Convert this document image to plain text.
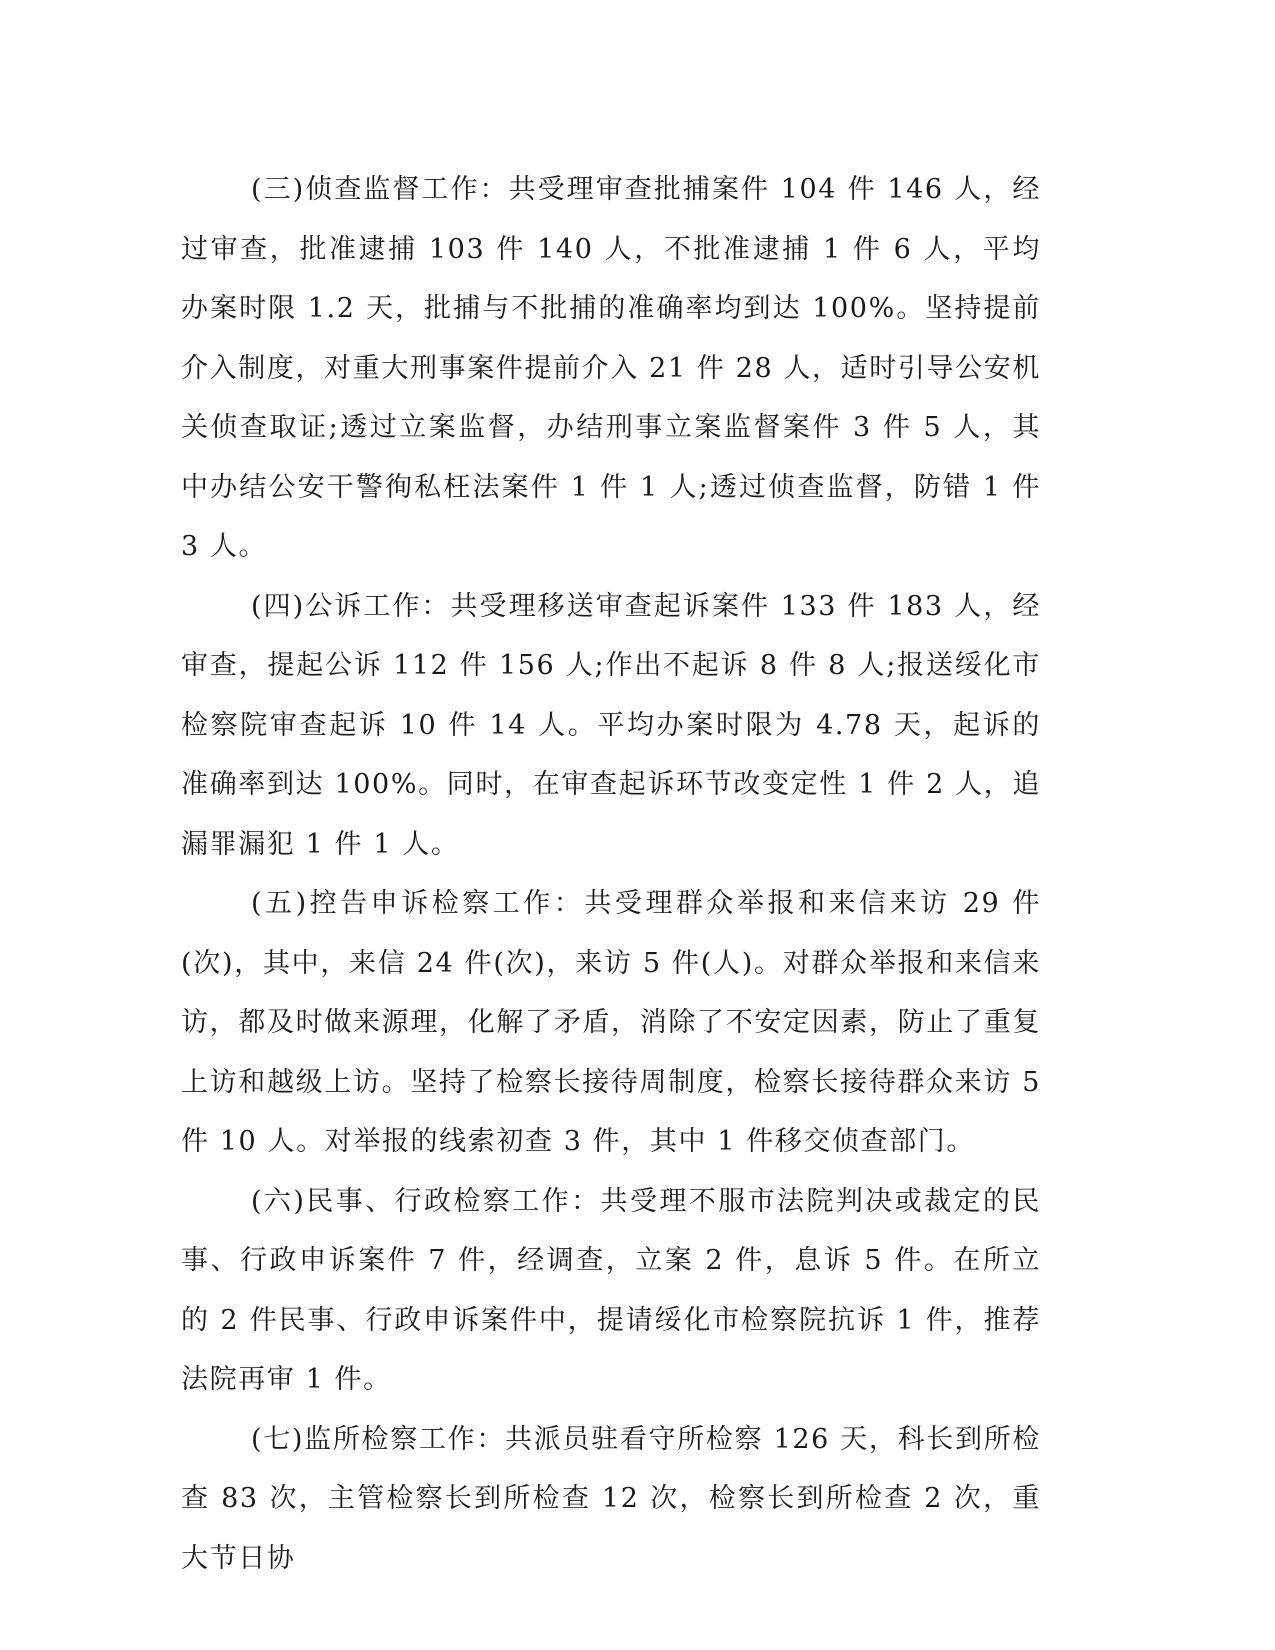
(三)侦查监督工作：共受理审查批捕案件 104 件 146 人，经过审查，批准逮捕 103 件 140 人，不批准逮捕 1 件 6 人，平均办案时限 1.2 天，批捕与不批捕的准确率均到达 100%。坚持提前介入制度，对重大刑事案件提前介入 21 件 28 人，适时引导公安机关侦查取证;透过立案监督，办结刑事立案监督案件 3 件 5 人，其中办结公安干警徇私枉法案件 1 件 1 人;透过侦查监督，防错 1 件 3 人。

(四)公诉工作：共受理移送审查起诉案件 133 件 183 人，经审查，提起公诉 112 件 156 人;作出不起诉 8 件 8 人;报送绥化市检察院审查起诉 10 件 14 人。平均办案时限为 4.78 天，起诉的准确率到达 100%。同时，在审查起诉环节改变定性 1 件 2 人，追漏罪漏犯 1 件 1 人。

(五)控告申诉检察工作：共受理群众举报和来信来访 29 件(次)，其中，来信 24 件(次)，来访 5 件(人)。对群众举报和来信来访，都及时做来源理，化解了矛盾，消除了不安定因素，防止了重复上访和越级上访。坚持了检察长接待周制度，检察长接待群众来访 5 件 10 人。对举报的线索初查 3 件，其中 1 件移交侦查部门。

(六)民事、行政检察工作：共受理不服市法院判决或裁定的民事、行政申诉案件 7 件，经调查，立案 2 件，息诉 5 件。在所立的 2 件民事、行政申诉案件中，提请绥化市检察院抗诉 1 件，推荐法院再审 1 件。

(七)监所检察工作：共派员驻看守所检察 126 天，科长到所检查 83 次，主管检察长到所检查 12 次，检察长到所检查 2 次，重大节日协
